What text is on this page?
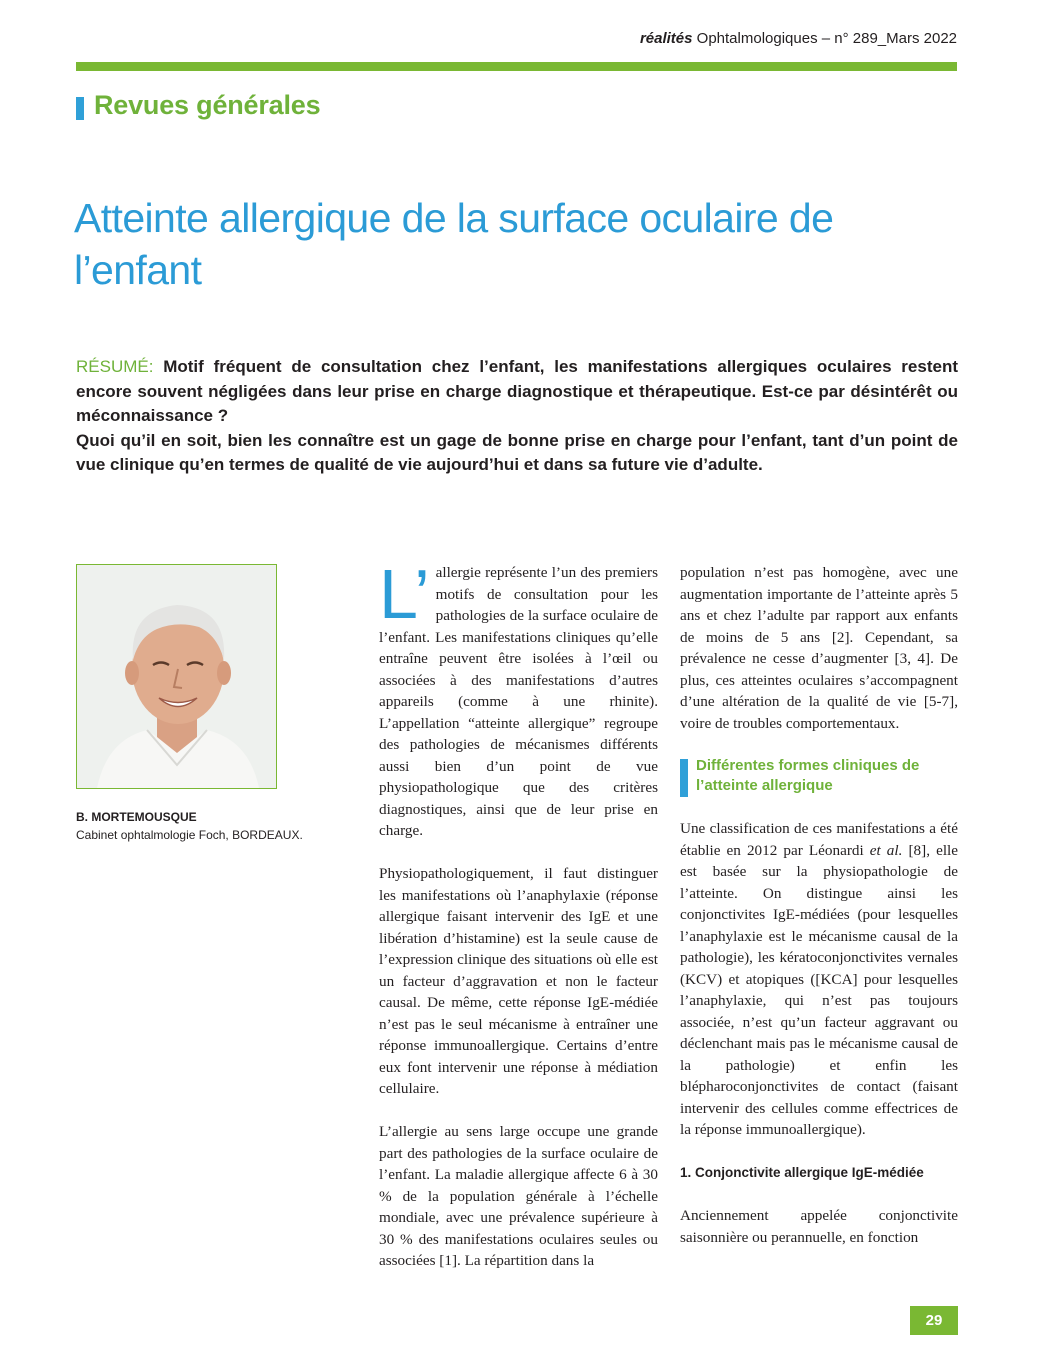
réalités Ophtalmologiques – n° 289_Mars 2022
Revues générales
Atteinte allergique de la surface oculaire de l’enfant

RÉSUMÉ: Motif fréquent de consultation chez l’enfant, les manifestations allergiques oculaires restent encore souvent négligées dans leur prise en charge diagnostique et thérapeutique. Est-ce par désintérêt ou méconnaissance ?

Quoi qu’il en soit, bien les connaître est un gage de bonne prise en charge pour l’enfant, tant d’un point de vue clinique qu’en termes de qualité de vie aujourd’hui et dans sa future vie d’adulte.

B. MORTEMOUSQUE
Cabinet ophtalmologie Foch, BORDEAUX.

L’ allergie représente l’un des premiers motifs de consultation pour les pathologies de la surface oculaire de l’enfant. Les manifestations cliniques qu’elle entraîne peuvent être isolées à l’œil ou associées à des manifestations d’autres appareils (comme à une rhinite). L’appellation “atteinte allergique” regroupe des pathologies de mécanismes différents aussi bien d’un point de vue physiopathologique que des critères diagnostiques, ainsi que de leur prise en charge.

Physiopathologiquement, il faut distinguer les manifestations où l’anaphylaxie (réponse allergique faisant intervenir des IgE et une libération d’histamine) est la seule cause de l’expression clinique des situations où elle est un facteur d’aggravation et non le facteur causal. De même, cette réponse IgE-médiée n’est pas le seul mécanisme à entraîner une réponse immunoallergique. Certains d’entre eux font intervenir une réponse à médiation cellulaire.

L’allergie au sens large occupe une grande part des pathologies de la surface oculaire de l’enfant. La maladie allergique affecte 6 à 30 % de la population générale à l’échelle mondiale, avec une prévalence supérieure à 30 % des manifestations oculaires seules ou associées [1]. La répartition dans la

population n’est pas homogène, avec une augmentation importante de l’atteinte après 5 ans et chez l’adulte par rapport aux enfants de moins de 5 ans [2]. Cependant, sa prévalence ne cesse d’augmenter [3, 4]. De plus, ces atteintes oculaires s’accompagnent d’une altération de la qualité de vie [5-7], voire de troubles comportementaux.

Différentes formes cliniques de l’atteinte allergique

Une classification de ces manifestations a été établie en 2012 par Léonardi et al. [8], elle est basée sur la physiopathologie de l’atteinte. On distingue ainsi les conjonctivites IgE-médiées (pour lesquelles l’anaphylaxie est le mécanisme causal de la pathologie), les kératoconjonctivites vernales (KCV) et atopiques ([KCA] pour lesquelles l’anaphylaxie, qui n’est pas toujours associée, n’est qu’un facteur aggravant ou déclenchant mais pas le mécanisme causal de la pathologie) et enfin les blépharoconjonctivites de contact (faisant intervenir des cellules comme effectrices de la réponse immunoallergique).

1. Conjonctivite allergique IgE-médiée

Anciennement appelée conjonctivite saisonnière ou perannuelle, en fonction

29
